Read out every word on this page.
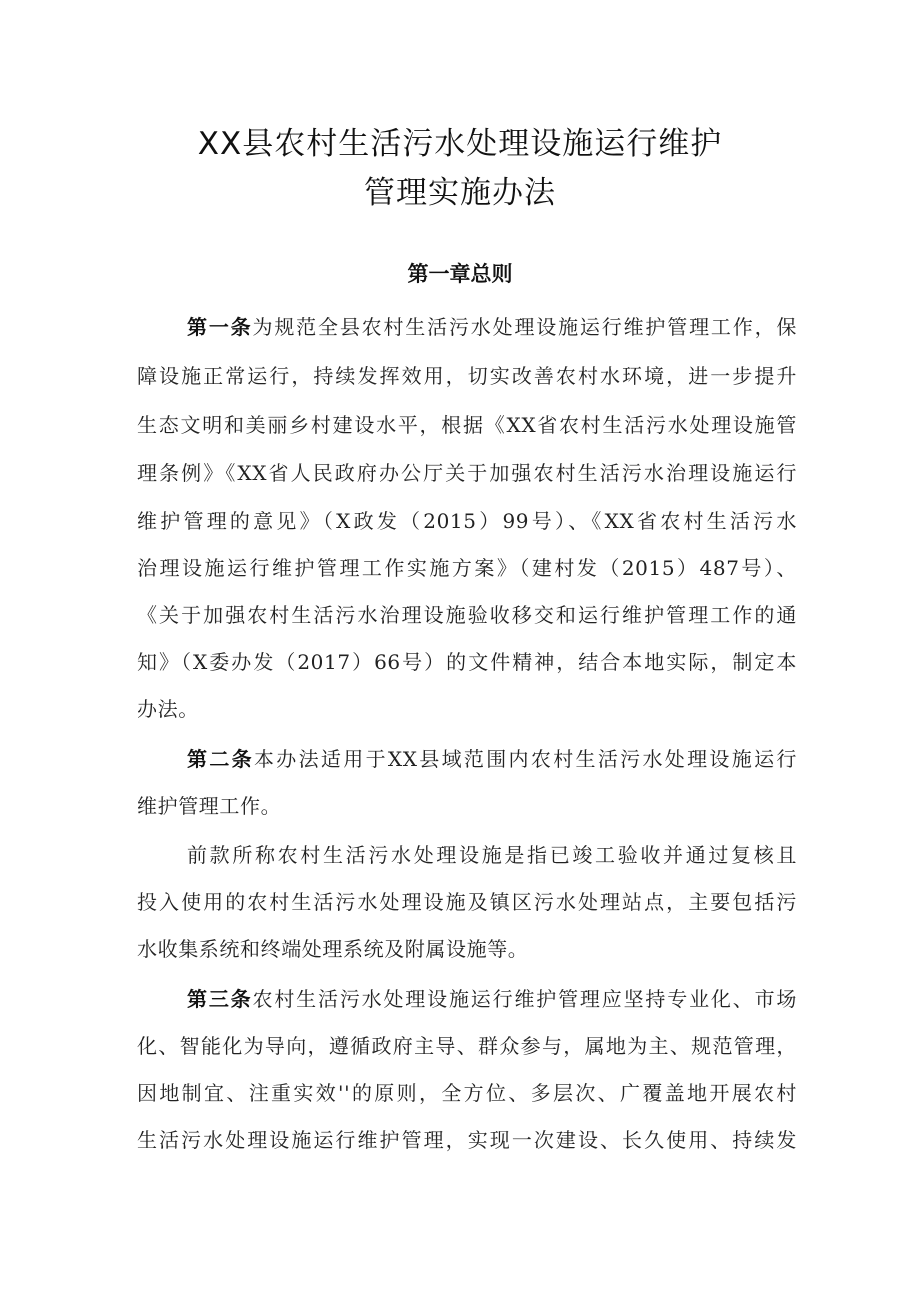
XX县农村生活污水处理设施运行维护
管理实施办法
第一章总则
第一条为规范全县农村生活污水处理设施运行维护管理工作，保
障设施正常运行，持续发挥效用，切实改善农村水环境，进一步提升
生态文明和美丽乡村建设水平，根据《XX省农村生活污水处理设施管
理条例》《XX省人民政府办公厅关于加强农村生活污水治理设施运行
维护管理的意见》（X政发（2015）99号）、《XX省农村生活污水
治理设施运行维护管理工作实施方案》（建村发（2015）487号）、
《关于加强农村生活污水治理设施验收移交和运行维护管理工作的通
知》（X委办发（2017）66号）的文件精神，结合本地实际，制定本
办法。
第二条本办法适用于XX县域范围内农村生活污水处理设施运行
维护管理工作。
前款所称农村生活污水处理设施是指已竣工验收并通过复核且
投入使用的农村生活污水处理设施及镇区污水处理站点，主要包括污
水收集系统和终端处理系统及附属设施等。
第三条农村生活污水处理设施运行维护管理应坚持专业化、市场
化、智能化为导向，遵循政府主导、群众参与，属地为主、规范管理，
因地制宜、注重实效''的原则，全方位、多层次、广覆盖地开展农村
生活污水处理设施运行维护管理，实现一次建设、长久使用、持续发
